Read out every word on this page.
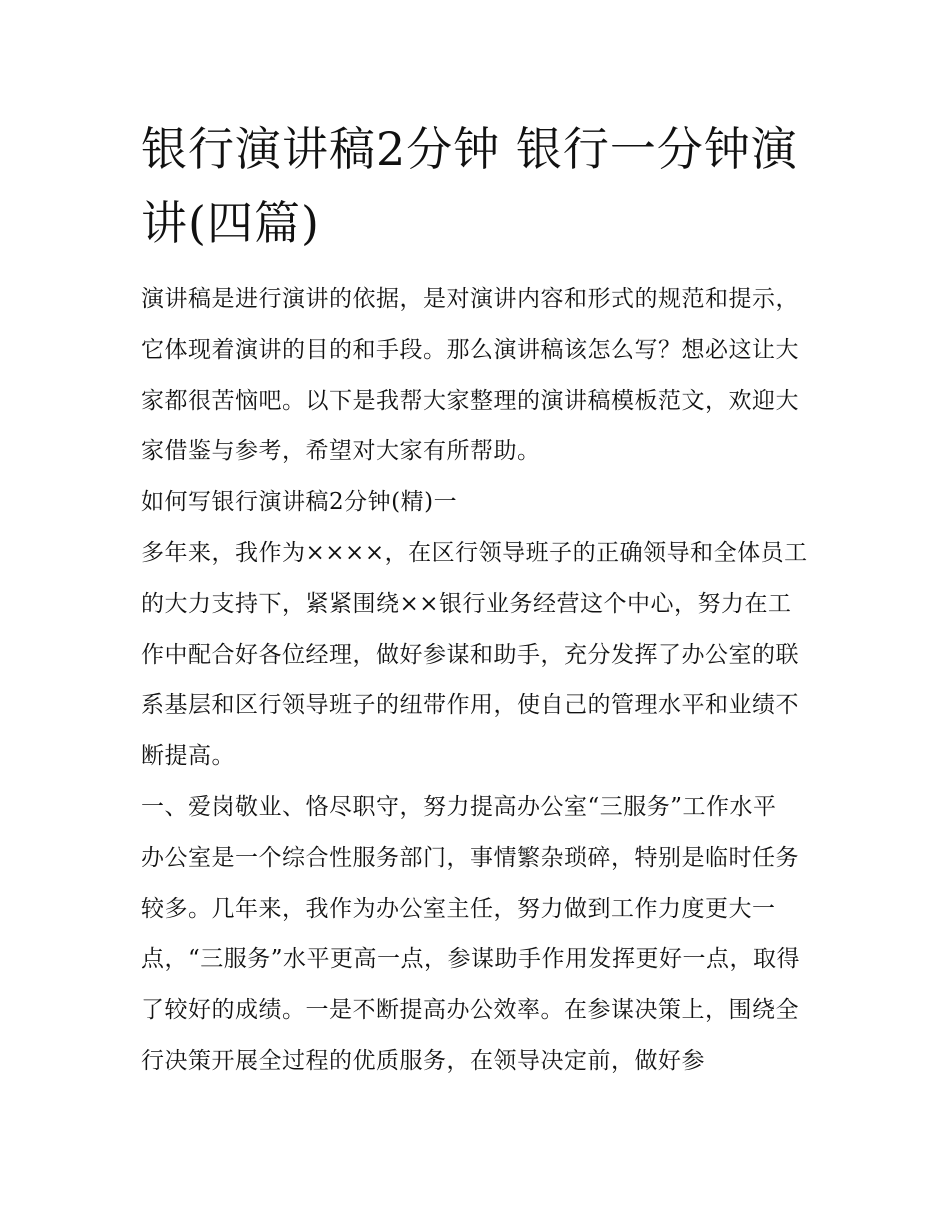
银行演讲稿2分钟 银行一分钟演讲(四篇)

演讲稿是进行演讲的依据，是对演讲内容和形式的规范和提示，它体现着演讲的目的和手段。那么演讲稿该怎么写？想必这让大家都很苦恼吧。以下是我帮大家整理的演讲稿模板范文，欢迎大家借鉴与参考，希望对大家有所帮助。

如何写银行演讲稿2分钟(精)一

多年来，我作为××××，在区行领导班子的正确领导和全体员工的大力支持下，紧紧围绕××银行业务经营这个中心，努力在工作中配合好各位经理，做好参谋和助手，充分发挥了办公室的联系基层和区行领导班子的纽带作用，使自己的管理水平和业绩不断提高。

一、爱岗敬业、恪尽职守，努力提高办公室“三服务”工作水平

办公室是一个综合性服务部门，事情繁杂琐碎，特别是临时任务较多。几年来，我作为办公室主任，努力做到工作力度更大一点，“三服务”水平更高一点，参谋助手作用发挥更好一点，取得了较好的成绩。一是不断提高办公效率。在参谋决策上，围绕全行决策开展全过程的优质服务，在领导决定前，做好参
